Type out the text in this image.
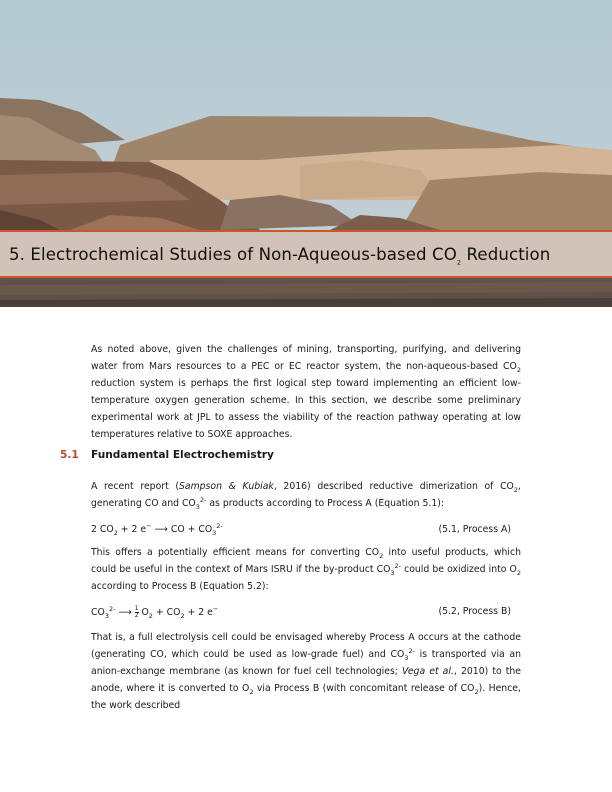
5. Electrochemical Studies of Non-Aqueous-based $CO_2$ Reduction

As noted above, given the challenges of mining, transporting, purifying, and delivering water from Mars resources to a PEC or EC reactor system, the non-aqueous-based $CO_2$ reduction system is perhaps the first logical step toward implementing an efficient low-temperature oxygen generation scheme. In this section, we describe some preliminary experimental work at JPL to assess the viability of the reaction pathway operating at low temperatures relative to SOXE approaches.

5.1 Fundamental Electrochemistry

A recent report (Sampson & Kubiak, 2016) described reductive dimerization of $CO_2$, generating CO and $CO_3^{2-}$ as products according to Process A (Equation 5.1):

2 $CO_2 + 2$ e− ⟶ CO + $CO_3^{2-}$	(5.1, Process A)

This offers a potentially efficient means for converting $CO_2$ into useful products, which could be useful in the context of Mars ISRU if the by-product $CO_3^{2-}$ could be oxidized into $O_2$ according to Process B (Equation 5.2):

$CO_3^{2-}$ ⟶ $\frac{1}{2} O_2 + CO_2 + 2$ e−	(5.2, Process B)

That is, a full electrolysis cell could be envisaged whereby Process A occurs at the cathode (generating CO, which could be used as low-grade fuel) and $CO_3^{2-}$ is transported via an anion-exchange membrane (as known for fuel cell technologies; Vega et al., 2010) to the anode, where it is converted to $O_2$ via Process B (with concomitant release of $CO_2$). Hence, the work described
